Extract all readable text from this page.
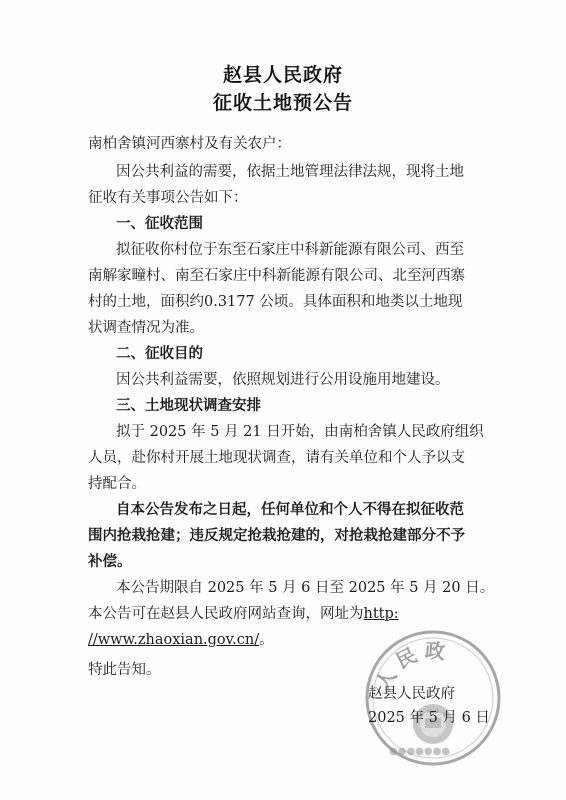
赵县人民政府
征收土地预公告
南柏舍镇河西寨村及有关农户：
因公共利益的需要，依据土地管理法律法规，现将土地
征收有关事项公告如下：
一、征收范围
拟征收你村位于东至石家庄中科新能源有限公司、西至
南解家疃村、南至石家庄中科新能源有限公司、北至河西寨
村的土地，面积约0.3177 公顷。具体面积和地类以土地现
状调查情况为准。
二、征收目的
因公共利益需要，依照规划进行公用设施用地建设。
三、土地现状调查安排
拟于 2025 年 5 月 21 日开始，由南柏舍镇人民政府组织
人员，赴你村开展土地现状调查，请有关单位和个人予以支
持配合。
自本公告发布之日起，任何单位和个人不得在拟征收范
围内抢栽抢建；违反规定抢栽抢建的，对抢栽抢建部分不予
补偿。
本公告期限自 2025 年 5 月 6 日至 2025 年 5 月 20 日。
本公告可在赵县人民政府网站查询，网址为http:
//www.zhaoxian.gov.cn/。
特此告知。	人民政
●●●●●●●
赵县人民政府
2025 年 5 月 6 日
